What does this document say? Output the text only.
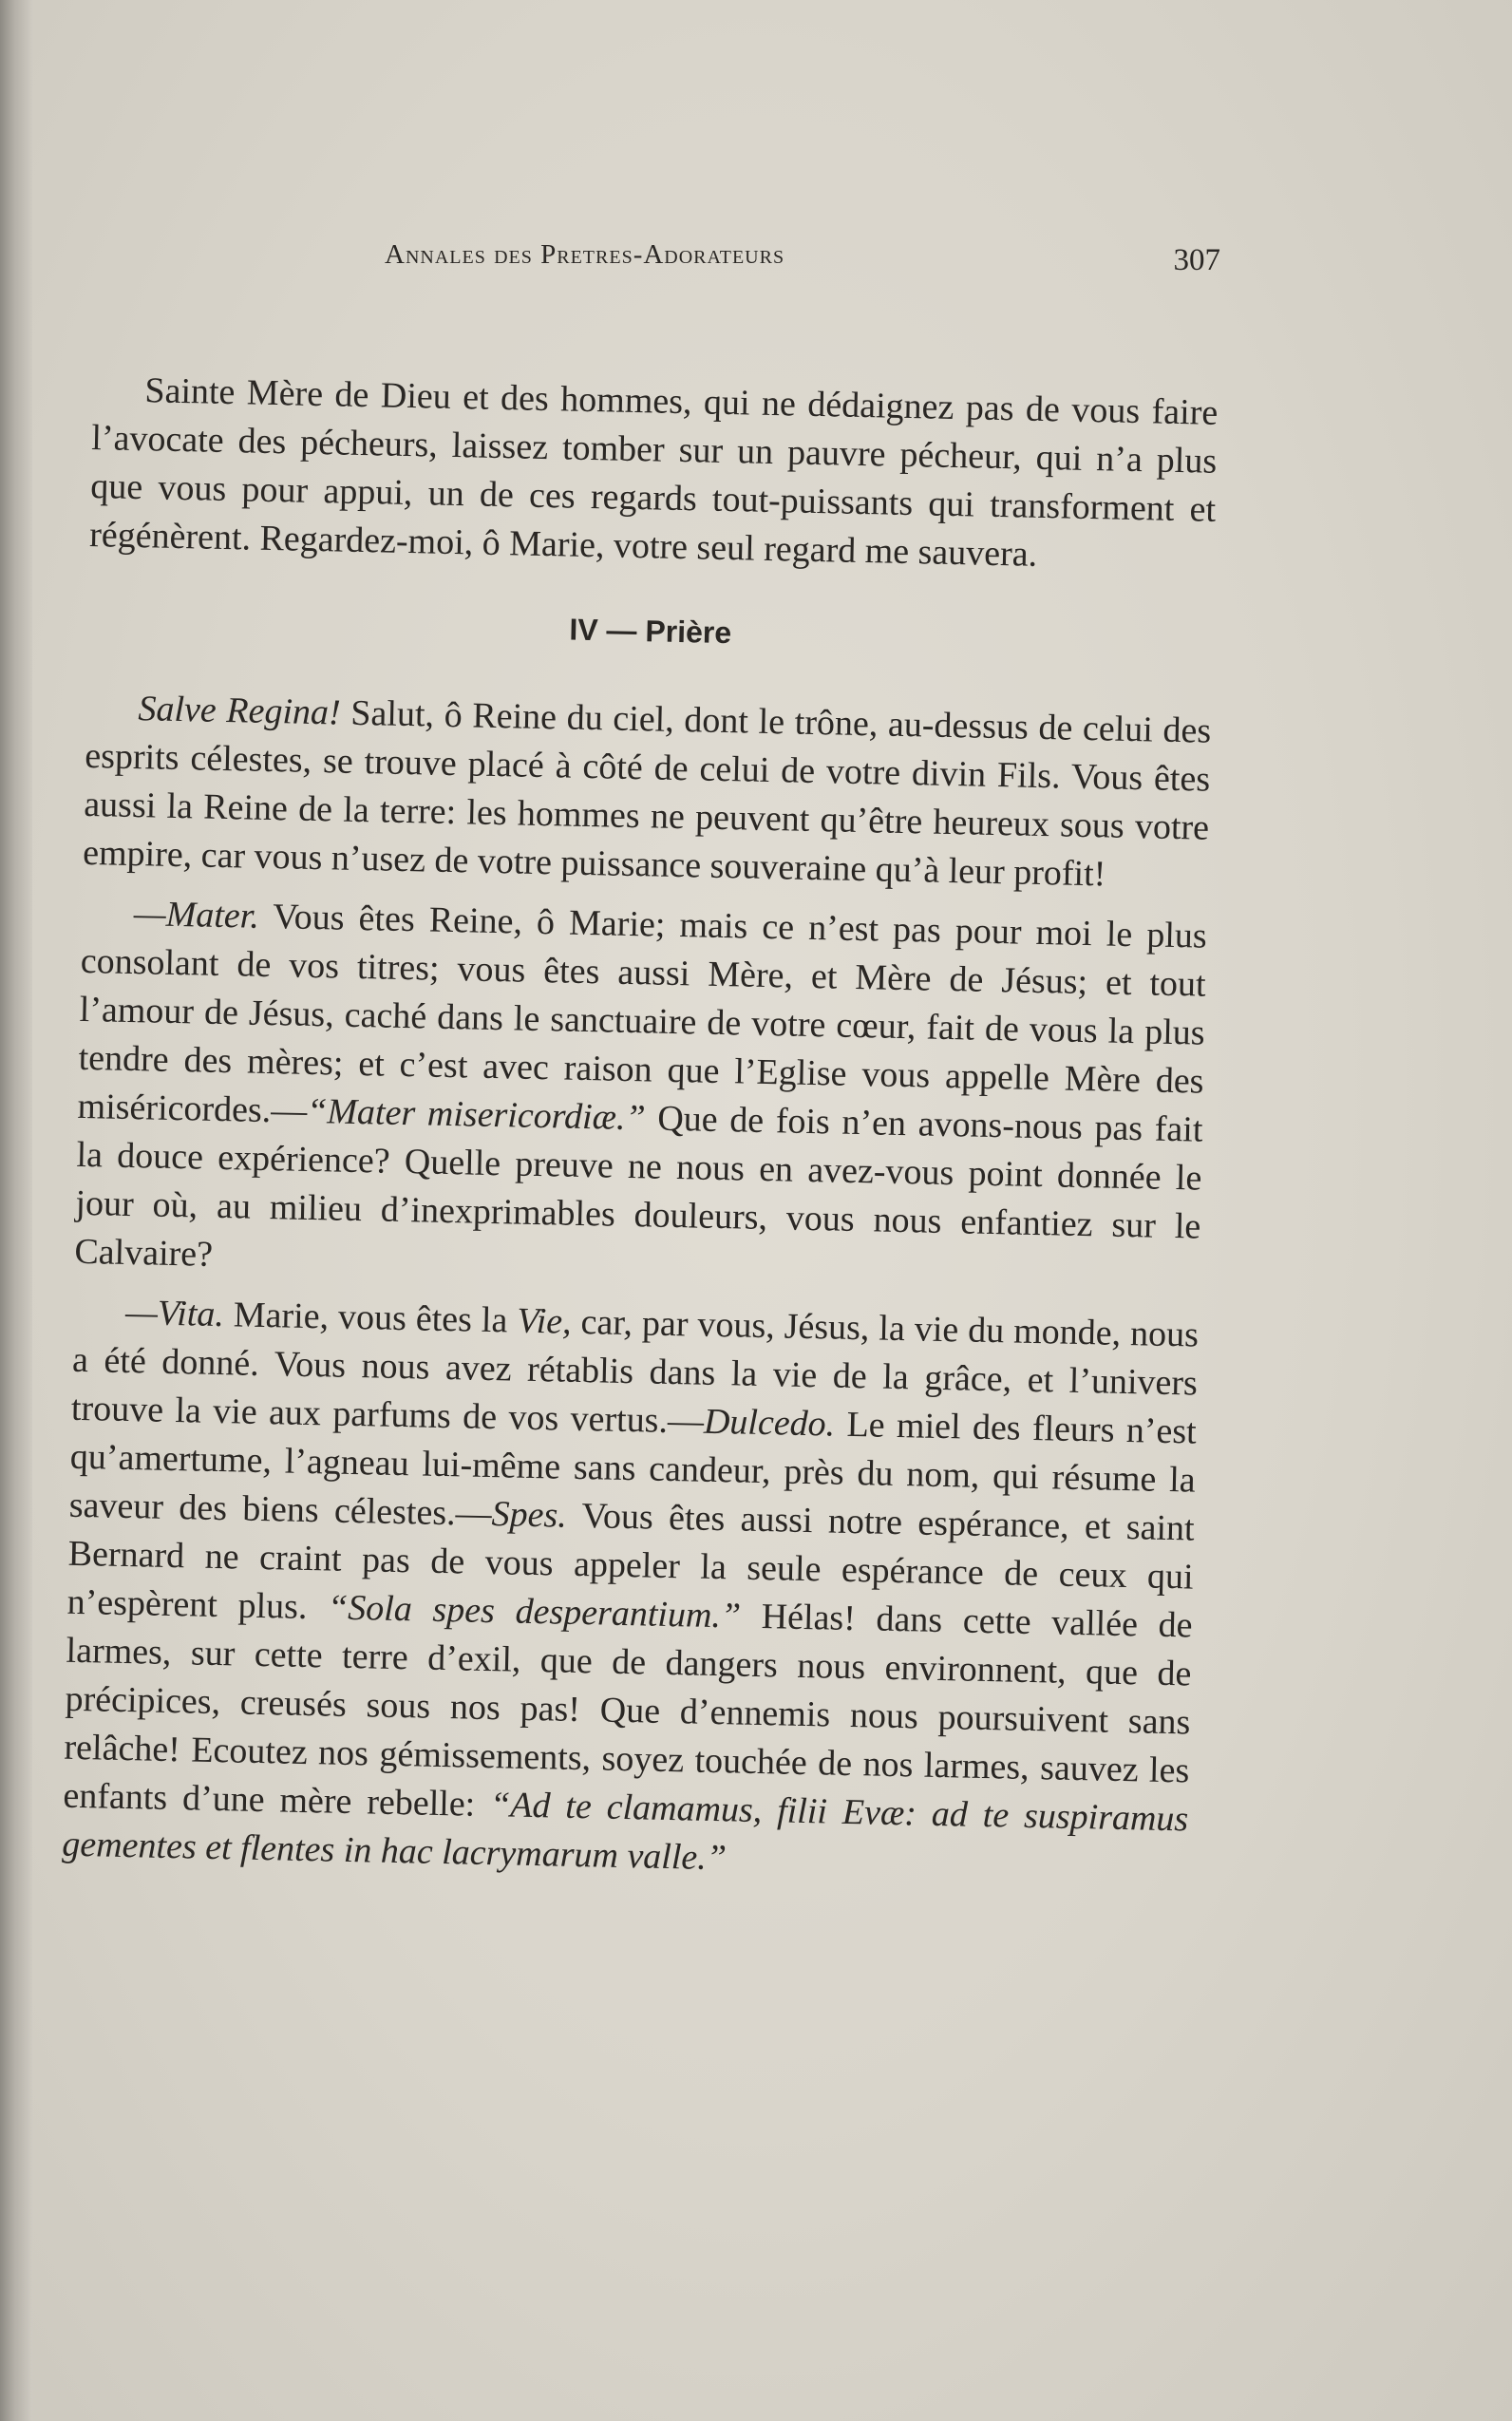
Annales des Pretres-Adorateurs	307

Sainte Mère de Dieu et des hommes, qui ne dédaignez pas de vous faire l’avocate des pécheurs, laissez tomber sur un pauvre pécheur, qui n’a plus que vous pour appui, un de ces regards tout-puissants qui transforment et régénèrent. Regardez-moi, ô Marie, votre seul regard me sauvera.

IV — Prière

Salve Regina! Salut, ô Reine du ciel, dont le trône, au-dessus de celui des esprits célestes, se trouve placé à côté de celui de votre divin Fils. Vous êtes aussi la Reine de la terre: les hommes ne peuvent qu’être heureux sous votre empire, car vous n’usez de votre puissance souveraine qu’à leur profit!

—Mater. Vous êtes Reine, ô Marie; mais ce n’est pas pour moi le plus consolant de vos titres; vous êtes aussi Mère, et Mère de Jésus; et tout l’amour de Jésus, caché dans le sanctuaire de votre cœur, fait de vous la plus tendre des mères; et c’est avec raison que l’Eglise vous appelle Mère des miséricordes.—“Mater misericordiæ.” Que de fois n’en avons-nous pas fait la douce expérience? Quelle preuve ne nous en avez-vous point donnée le jour où, au milieu d’inexprimables douleurs, vous nous enfantiez sur le Calvaire?

—Vita. Marie, vous êtes la Vie, car, par vous, Jésus, la vie du monde, nous a été donné. Vous nous avez rétablis dans la vie de la grâce, et l’univers trouve la vie aux parfums de vos vertus.—Dulcedo. Le miel des fleurs n’est qu’amertume, l’agneau lui-même sans candeur, près du nom, qui résume la saveur des biens célestes.—Spes. Vous êtes aussi notre espérance, et saint Bernard ne craint pas de vous appeler la seule espérance de ceux qui n’espèrent plus. “Sola spes desperantium.” Hélas! dans cette vallée de larmes, sur cette terre d’exil, que de dangers nous environnent, que de précipices, creusés sous nos pas! Que d’ennemis nous poursuivent sans relâche! Ecoutez nos gémissements, soyez touchée de nos larmes, sauvez les enfants d’une mère rebelle: “Ad te clamamus, filii Evæ: ad te suspiramus gementes et flentes in hac lacrymarum valle.”
